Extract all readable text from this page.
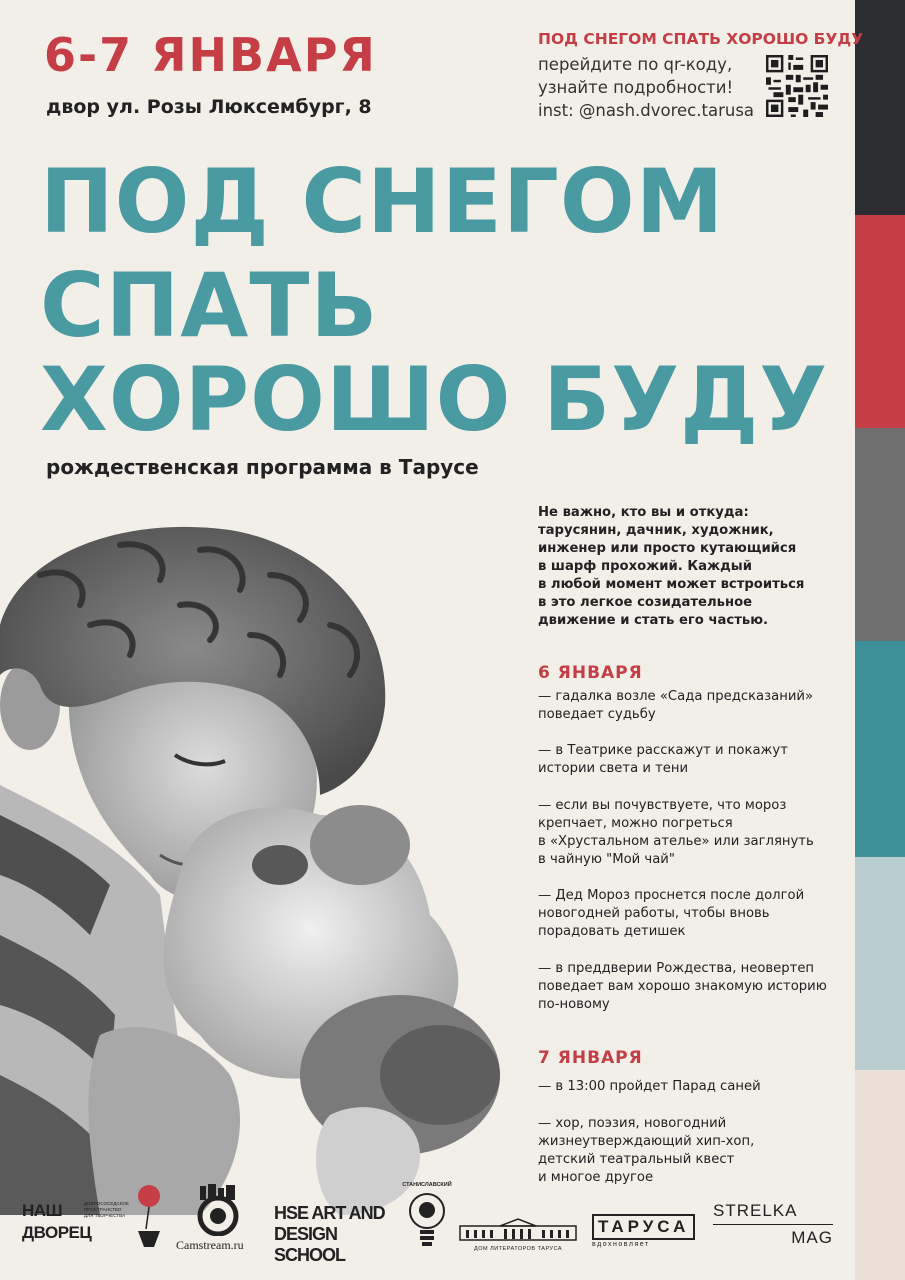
6-7 ЯНВАРЯ
двор ул. Розы Люксембург, 8
ПОД СНЕГОМ СПАТЬ ХОРОШО БУДУ
перейдите по qr-коду,
узнайте подробности!
inst: @nash.dvorec.tarusa
ПОД СНЕГОМ
СПАТЬ
ХОРОШО БУДУ
рождественская программа в Тарусе
Не важно, кто вы и откуда:
тарусянин, дачник, художник,
инженер или просто кутающийся
в шарф прохожий. Каждый
в любой момент может встроиться
в это легкое созидательное
движение и стать его частью.
6 ЯНВАРЯ
— гадалка возле «Сада предсказаний»
поведает судьбу
— в Театрике расскажут и покажут
истории света и тени
— если вы почувствуете, что мороз
крепчает, можно погреться
в «Хрустальном ателье» или заглянуть
в чайную "Мой чай"
— Дед Мороз проснется после долгой
новогодней работы, чтобы вновь
порадовать детишек
— в преддверии Рождества, неовертеп
поведает вам хорошо знакомую историю
по-новому
7 ЯНВАРЯ
— в 13:00 пройдет Парад саней
— хор, поэзия, новогодний
жизнеутверждающий хип-хоп,
детский театральный квест
и многое другое
НАШ ДВОРЕЦ
ДОБРОСОСЕДСКОЕ ПРОСТРАНСТВО ДЛЯ ТВОРЧЕСТВА
Camstream.ru
HSE ART AND
DESIGN SCHOOL
СТАНИСЛАВСКИЙ
ДОМ ЛИТЕРАТОРОВ ТАРУСА
ТАРУСА
вдохновляет
STRELKA
MAG
